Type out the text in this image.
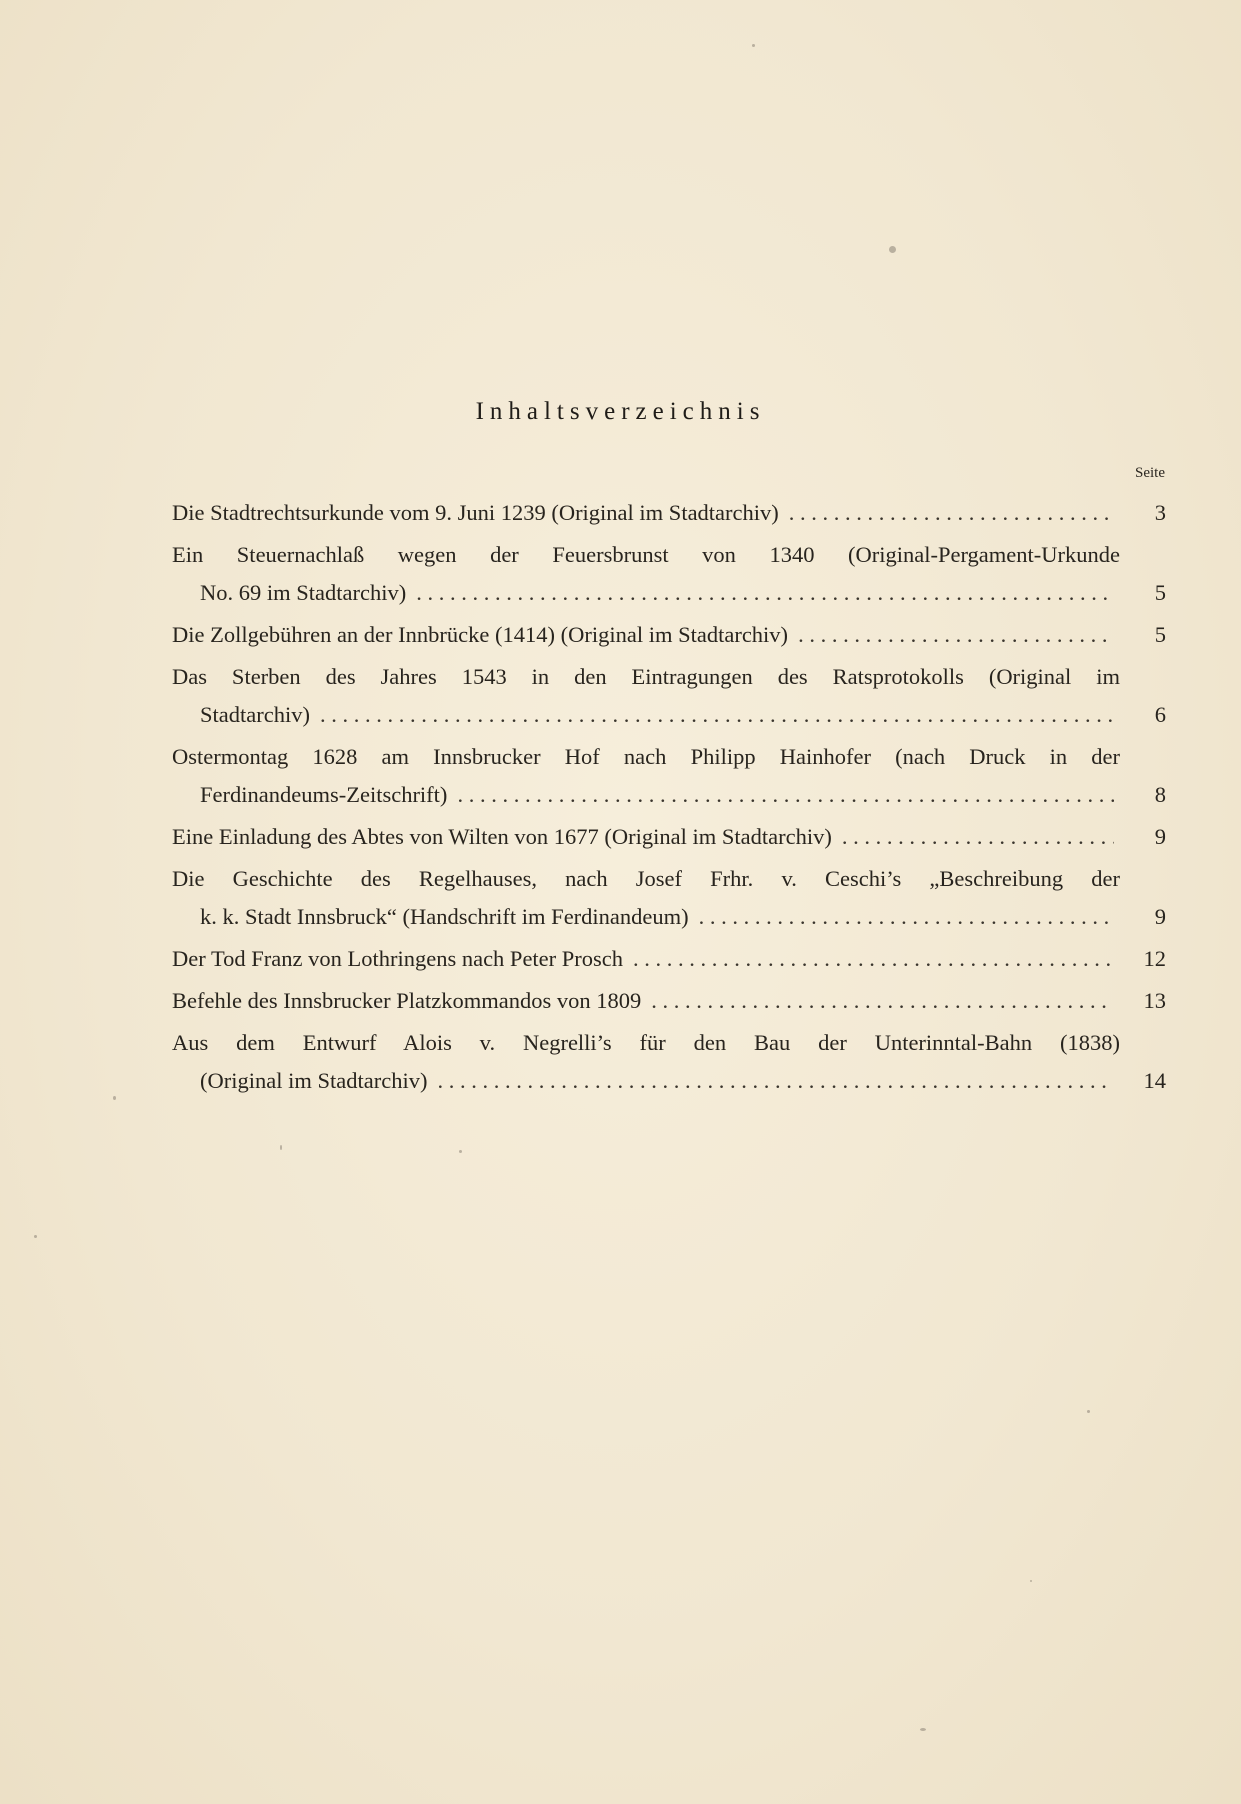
Inhaltsverzeichnis
Seite
Die Stadtrechtsurkunde vom 9. Juni 1239 (Original im Stadtarchiv) . . .	3
Ein Steuernachlaß wegen der Feuersbrunst von 1340 (Original-Pergament-Urkunde
No. 69 im Stadtarchiv) . . .	5
Die Zollgebühren an der Innbrücke (1414) (Original im Stadtarchiv) . . .	5
Das Sterben des Jahres 1543 in den Eintragungen des Ratsprotokolls (Original im
Stadtarchiv) . . .	6
Ostermontag 1628 am Innsbrucker Hof nach Philipp Hainhofer (nach Druck in der
Ferdinandeums-Zeitschrift) . . .	8
Eine Einladung des Abtes von Wilten von 1677 (Original im Stadtarchiv) . . .	9
Die Geschichte des Regelhauses, nach Josef Frhr. v. Ceschi’s „Beschreibung der
k. k. Stadt Innsbruck“ (Handschrift im Ferdinandeum) . . .	9
Der Tod Franz von Lothringens nach Peter Prosch . . .	12
Befehle des Innsbrucker Platzkommandos von 1809 . . .	13
Aus dem Entwurf Alois v. Negrelli’s für den Bau der Unterinntal-Bahn (1838)
(Original im Stadtarchiv) . . .	14
